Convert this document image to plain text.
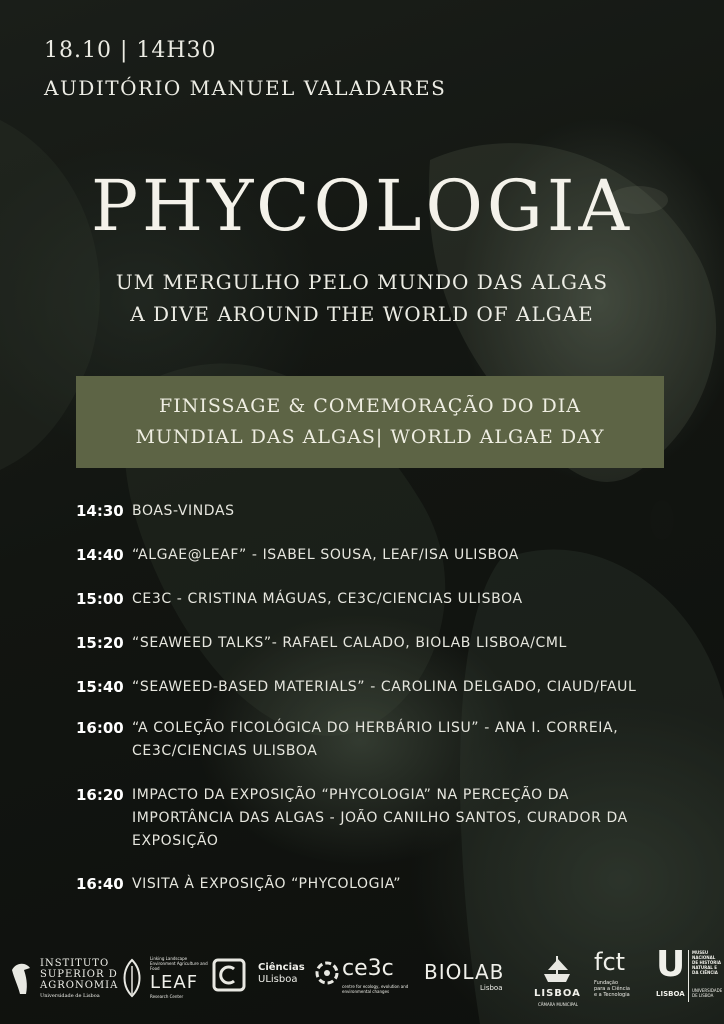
18.10 | 14H30
AUDITÓRIO MANUEL VALADARES
PHYCOLOGIA
UM MERGULHO PELO MUNDO DAS ALGAS
A DIVE AROUND THE WORLD OF ALGAE
FINISSAGE & COMEMORAÇÃO DO DIA
MUNDIAL DAS ALGAS| WORLD ALGAE DAY
14:30 BOAS-VINDAS
14:40 “ALGAE@LEAF” - ISABEL SOUSA, LEAF/ISA ULISBOA
15:00 CE3C - CRISTINA MÁGUAS, CE3C/CIENCIAS ULISBOA
15:20 “SEAWEED TALKS”- RAFAEL CALADO, BIOLAB LISBOA/CML
15:40 “SEAWEED-BASED MATERIALS” - CAROLINA DELGADO, CIAUD/FAUL
16:00 “A COLEÇÃO FICOLÓGICA DO HERBÁRIO LISU” - ANA I. CORREIA, CE3C/CIENCIAS ULISBOA
16:20 IMPACTO DA EXPOSIÇÃO “PHYCOLOGIA” NA PERCEÇÃO DA IMPORTÂNCIA DAS ALGAS - JOÃO CANILHO SANTOS, CURADOR DA EXPOSIÇÃO
16:40 VISITA À EXPOSIÇÃO “PHYCOLOGIA”
INSTITUTO
SUPERIOR D
AGRONOMIA
Universidade de Lisboa
Linking Landscape Environment Agriculture and Food
LEAF
Research Center
Ciências
ULisboa	ce3c
centre for ecology, evolution and environmental changes
BIOLAB
Lisboa	LISBOA
CÂMARA MUNICIPAL
fct
Fundação
para a Ciência
e a Tecnologia
U
LISBOA
MUSEU NACIONAL DE HISTÓRIA NATURAL E DA CIÊNCIA
UNIVERSIDADE DE LISBOA
